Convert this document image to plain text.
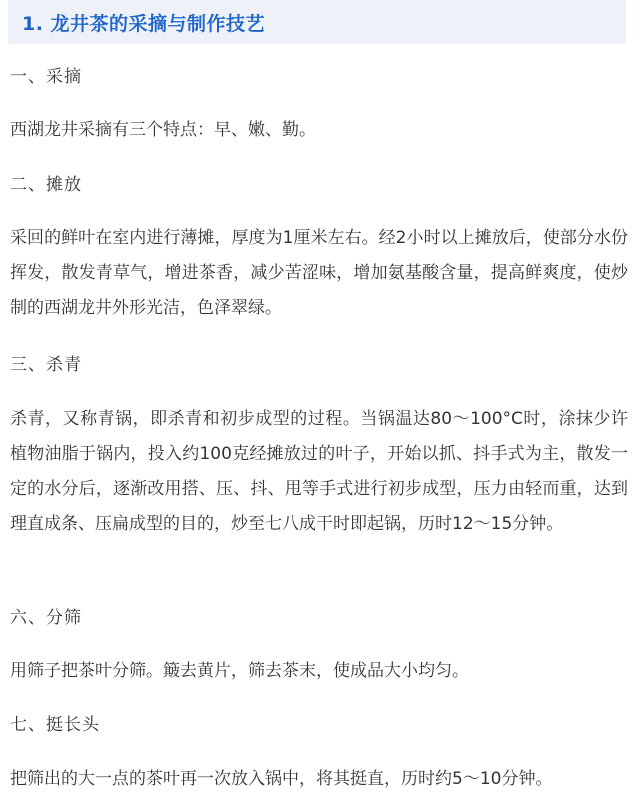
1. 龙井茶的采摘与制作技艺

一、采摘

西湖龙井采摘有三个特点：早、嫩、勤。

二、摊放

采回的鲜叶在室内进行薄摊，厚度为1厘米左右。经2小时以上摊放后，使部分水份挥发，散发青草气，增进茶香，减少苦涩味，增加氨基酸含量，提高鲜爽度，使炒制的西湖龙井外形光洁，色泽翠绿。

三、杀青

杀青，又称青锅，即杀青和初步成型的过程。当锅温达80～100°C时，涂抹少许植物油脂于锅内，投入约100克经摊放过的叶子，开始以抓、抖手式为主，散发一定的水分后，逐渐改用搭、压、抖、甩等手式进行初步成型，压力由轻而重，达到理直成条、压扁成型的目的，炒至七八成干时即起锅，历时12～15分钟。

六、分筛

用筛子把茶叶分筛。簸去黄片，筛去茶末，使成品大小均匀。

七、挺长头

把筛出的大一点的茶叶再一次放入锅中，将其挺直，历时约5～10分钟。
